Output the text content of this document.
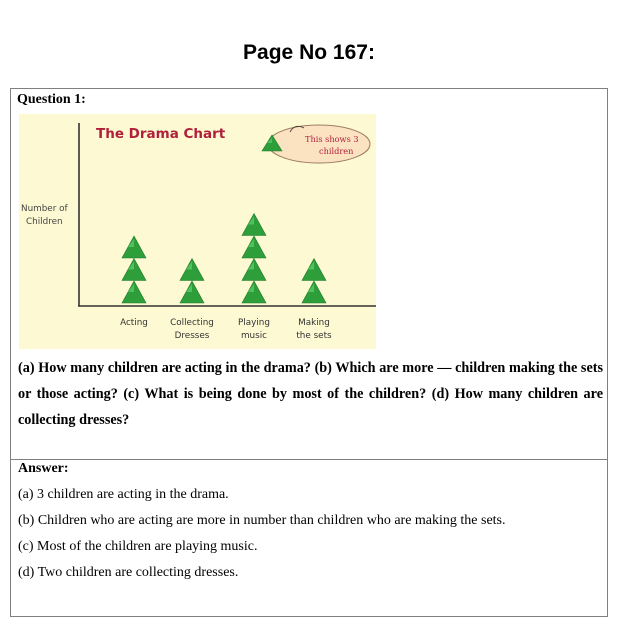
Page No 167:
Question 1:
The Drama Chart
Number of
Children
This shows 3
children
Acting	Collecting
Dresses
Playing
music
Making
the sets
(a) How many children are acting in the drama? (b) Which are more — children making the sets or those acting? (c) What is being done by most of the children? (d) How many children are collecting dresses?
Answer:
(a) 3 children are acting in the drama.
(b) Children who are acting are more in number than children who are making the sets.
(c) Most of the children are playing music.
(d) Two children are collecting dresses.
